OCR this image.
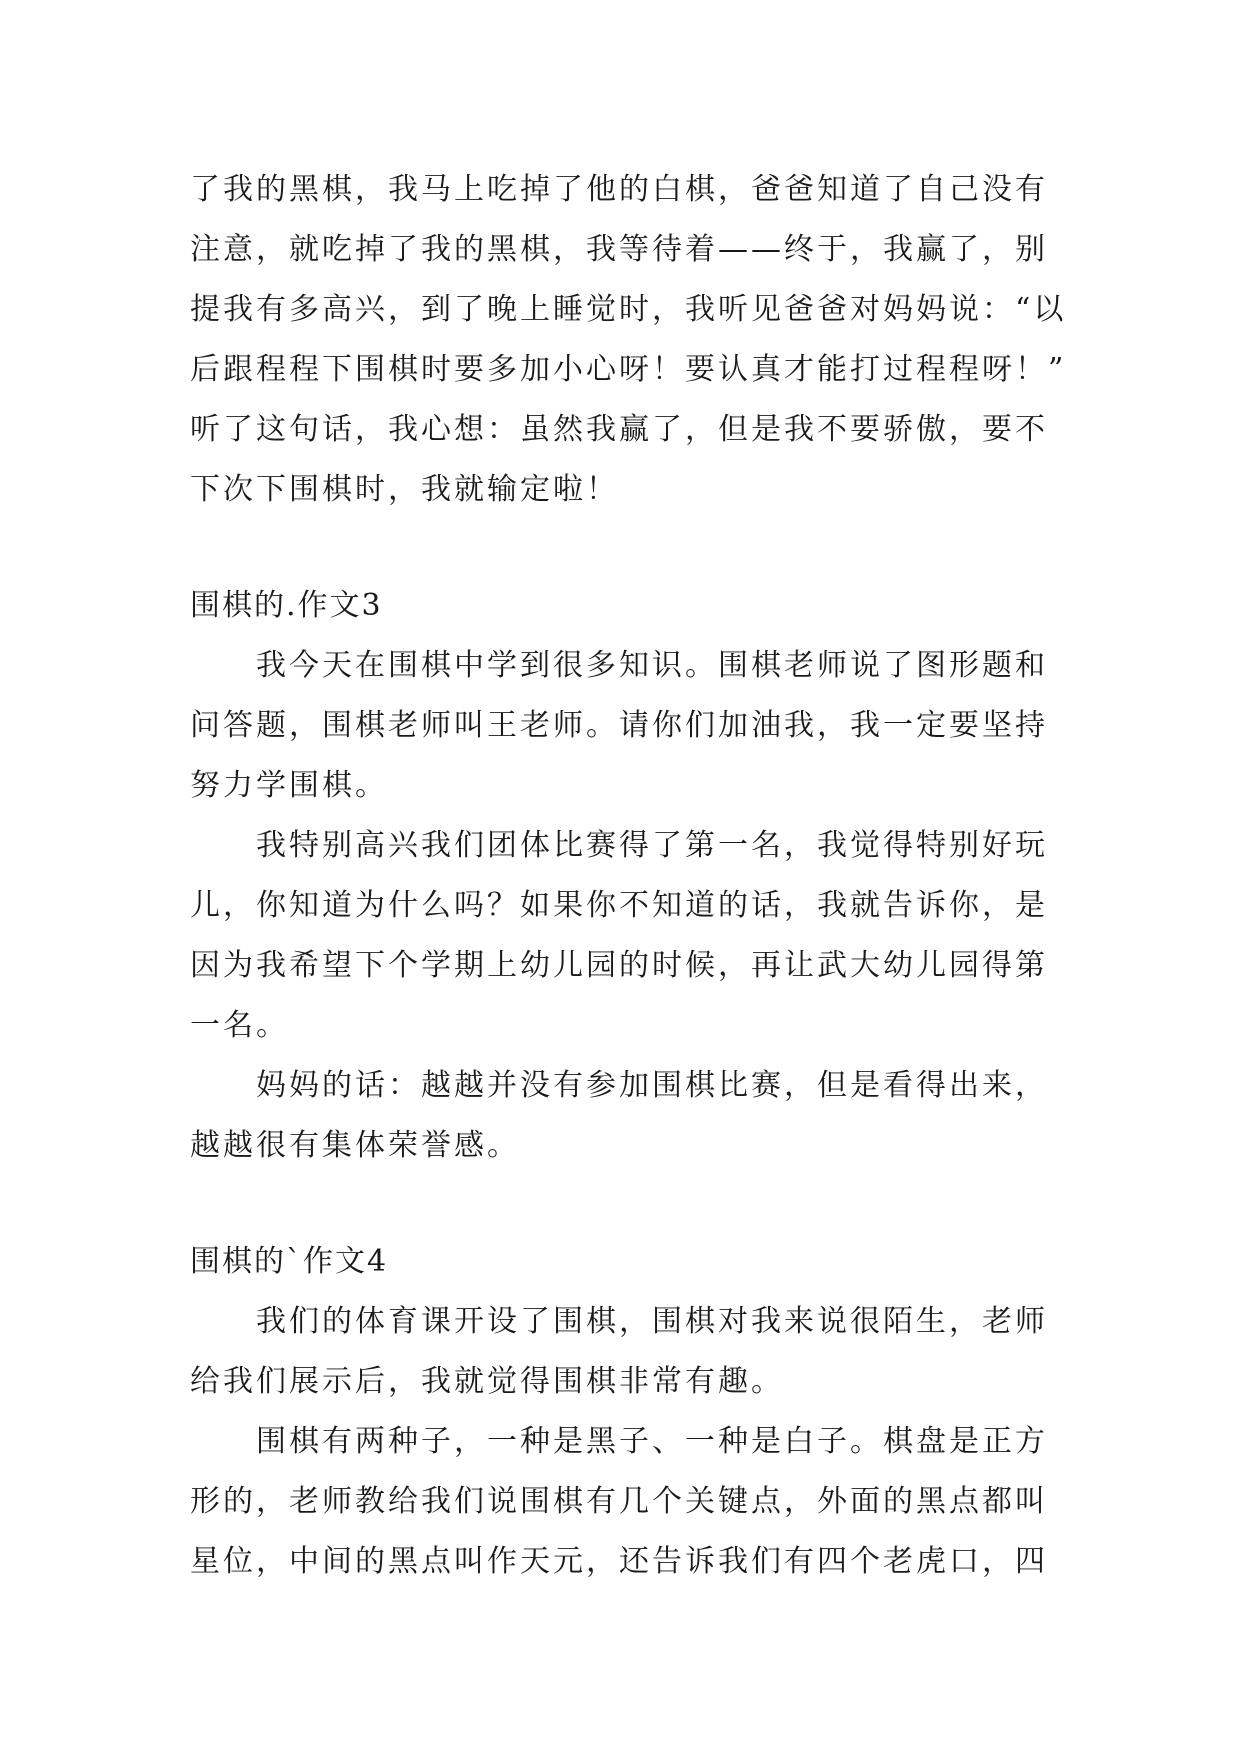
了我的黑棋，我马上吃掉了他的白棋，爸爸知道了自己没有
注意，就吃掉了我的黑棋，我等待着——终于，我赢了，别
提我有多高兴，到了晚上睡觉时，我听见爸爸对妈妈说：“以
后跟程程下围棋时要多加小心呀！要认真才能打过程程呀！”
听了这句话，我心想：虽然我赢了，但是我不要骄傲，要不
下次下围棋时，我就输定啦！
围棋的.作文3
我今天在围棋中学到很多知识。围棋老师说了图形题和
问答题，围棋老师叫王老师。请你们加油我，我一定要坚持
努力学围棋。
我特别高兴我们团体比赛得了第一名，我觉得特别好玩
儿，你知道为什么吗？如果你不知道的话，我就告诉你，是
因为我希望下个学期上幼儿园的时候，再让武大幼儿园得第
一名。
妈妈的话：越越并没有参加围棋比赛，但是看得出来，
越越很有集体荣誉感。
围棋的`作文4
我们的体育课开设了围棋，围棋对我来说很陌生，老师
给我们展示后，我就觉得围棋非常有趣。
围棋有两种子，一种是黑子、一种是白子。棋盘是正方
形的，老师教给我们说围棋有几个关键点，外面的黑点都叫
星位，中间的黑点叫作天元，还告诉我们有四个老虎口，四
